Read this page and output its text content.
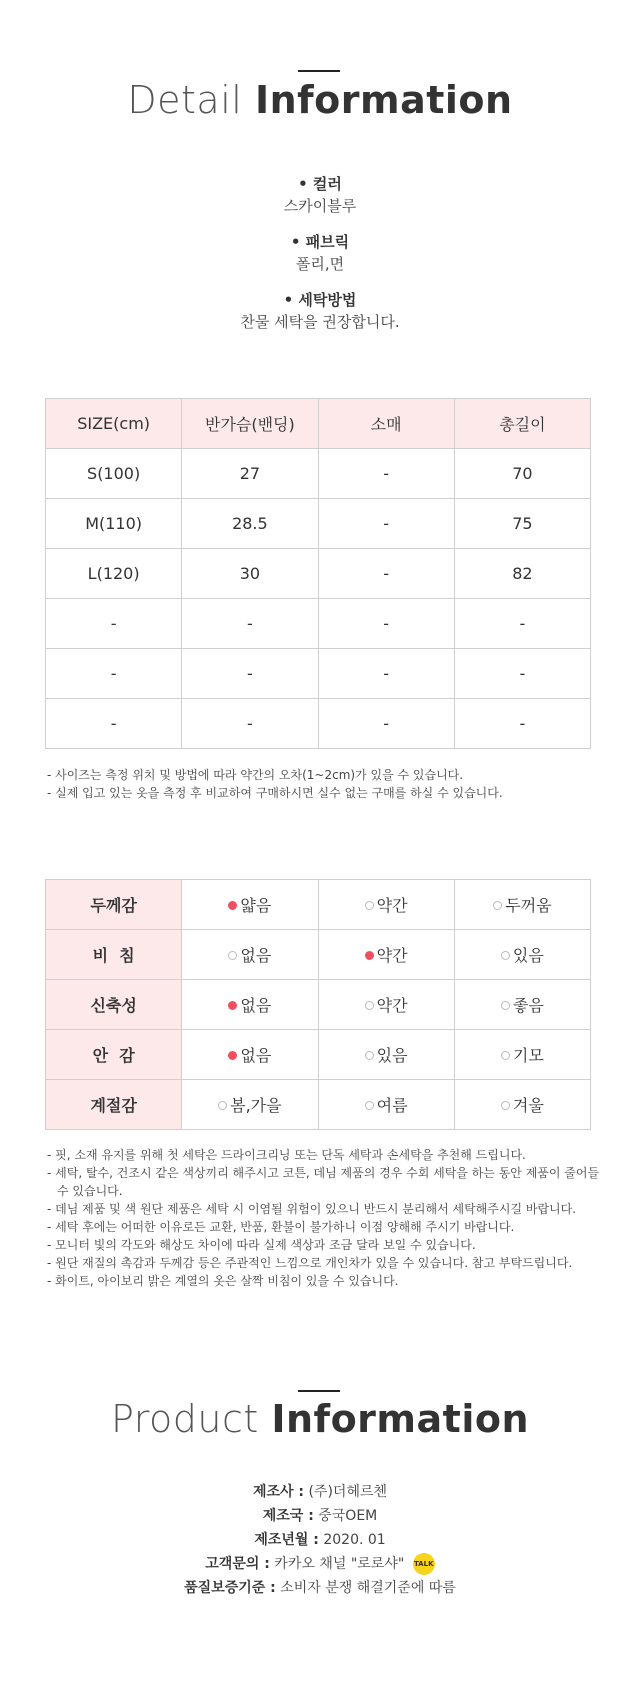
Detail Information
• 컬러
스카이블루
• 패브릭
폴리,면
• 세탁방법
찬물 세탁을 권장합니다.
SIZE(cm)	반가슴(밴딩)	소매	총길이
S(100)	27	-	70
M(110)	28.5	-	75
L(120)	30	-	82
-	-	-	-
-	-	-	-
-	-	-	-
- 사이즈는 측정 위치 및 방법에 따라 약간의 오차(1~2cm)가 있을 수 있습니다.
- 실제 입고 있는 옷을 측정 후 비교하여 구매하시면 실수 없는 구매를 하실 수 있습니다.
두께감	얇음	약간	두꺼움
비  침	없음	약간	있음
신축성	없음	약간	좋음
안  감	없음	있음	기모
계절감	봄,가을	여름	겨울
- 핏, 소재 유지를 위해 첫 세탁은 드라이크리닝 또는 단독 세탁과 손세탁을 추천해 드립니다.
- 세탁, 탈수, 건조시 같은 색상끼리 해주시고 코튼, 데님 제품의 경우 수회 세탁을 하는 동안 제품이 줄어들 수 있습니다.
- 데님 제품 및 색 원단 제품은 세탁 시 이염될 위험이 있으니 반드시 분리해서 세탁해주시길 바랍니다.
- 세탁 후에는 어떠한 이유로든 교환, 반품, 환불이 불가하니 이점 양해해 주시기 바랍니다.
- 모니터 빛의 각도와 해상도 차이에 따라 실제 색상과 조금 달라 보일 수 있습니다.
- 원단 재질의 촉감과 두께감 등은 주관적인 느낌으로 개인차가 있을 수 있습니다. 참고 부탁드립니다.
- 화이트, 아이보리 밝은 계열의 옷은 살짝 비침이 있을 수 있습니다.
Product Information
제조사 : (주)더헤르첸
제조국 : 중국OEM
제조년월 : 2020. 01
고객문의 : 카카오 채널 "로로샤" TALK
품질보증기준 : 소비자 분쟁 해결기준에 따름
